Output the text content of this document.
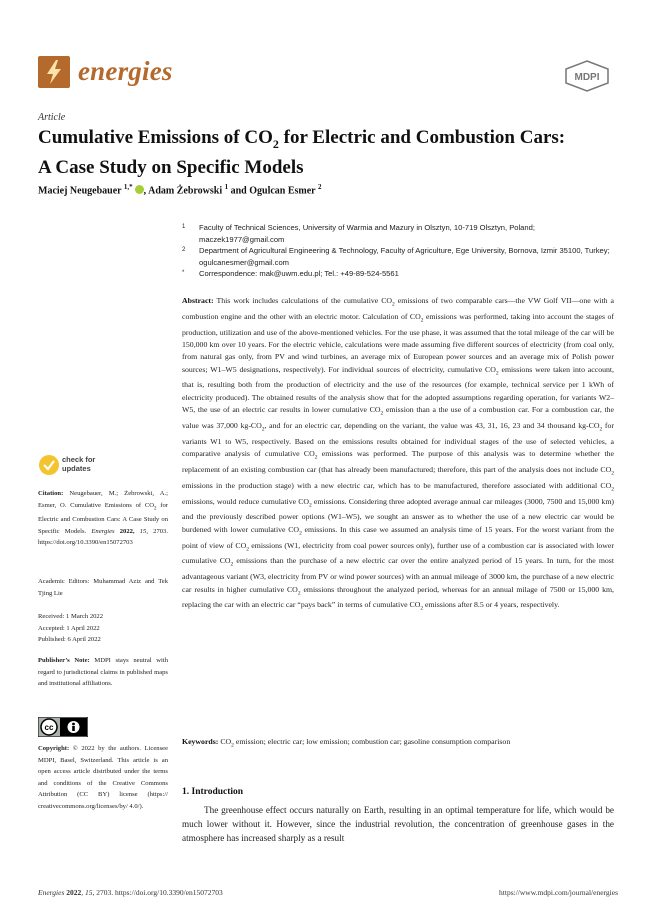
energies	MDPI
Article
Cumulative Emissions of $CO_2$ for Electric and Combustion Cars:
A Case Study on Specific Models
Maciej Neugebauer $^{1,*}$ , Adam Żebrowski $^1$ and Ogulcan Esmer $^2$
1 Faculty of Technical Sciences, University of Warmia and Mazury in Olsztyn, 10-719 Olsztyn, Poland; maczek1977@gmail.com
2 Department of Agricultural Engineering & Technology, Faculty of Agriculture, Ege University, Bornova, Izmir 35100, Turkey; ogulcanesmer@gmail.com
* Correspondence: mak@uwm.edu.pl; Tel.: +49-89-524-5561
Abstract: This work includes calculations of the cumulative $CO_2$ emissions of two comparable cars—the VW Golf VII—one with a combustion engine and the other with an electric motor. Calculation of $CO_2$ emissions was performed, taking into account the stages of production, utilization and use of the above-mentioned vehicles. For the use phase, it was assumed that the total mileage of the car will be 150,000 km over 10 years. For the electric vehicle, calculations were made assuming five different sources of electricity (from coal only, from natural gas only, from PV and wind turbines, an average mix of European power sources and an average mix of Polish power sources; W1–W5 designations, respectively). For individual sources of electricity, cumulative $CO_2$ emissions were taken into account, that is, resulting both from the production of electricity and the use of the resources (for example, technical service per 1 kWh of electricity produced). The obtained results of the analysis show that for the adopted assumptions regarding operation, for variants W2–W5, the use of an electric car results in lower cumulative $CO_2$ emission than a the use of a combustion car. For a combustion car, the value was 37,000 $kg-CO_2$, and for an electric car, depending on the variant, the value was 43, 31, 16, 23 and 34 thousand $kg-CO_2$ for variants W1 to W5, respectively. Based on the emissions results obtained for individual stages of the use of selected vehicles, a comparative analysis of cumulative $CO_2$ emissions was performed. The purpose of this analysis was to determine whether the replacement of an existing combustion car (that has already been manufactured; therefore, this part of the analysis does not include $CO_2$ emissions in the production stage) with a new electric car, which has to be manufactured, therefore associated with additional $CO_2$ emissions, would reduce cumulative $CO_2$ emissions. Considering three adopted average annual car mileages (3000, 7500 and 15,000 km) and the previously described power options (W1–W5), we sought an answer as to whether the use of a new electric car would be burdened with lower cumulative $CO_2$ emissions. In this case we assumed an analysis time of 15 years. For the worst variant from the point of view of $CO_2$ emissions (W1, electricity from coal power sources only), further use of a combustion car is associated with lower cumulative $CO_2$ emissions than the purchase of a new electric car over the entire analyzed period of 15 years. In turn, for the most advantageous variant (W3, electricity from PV or wind power sources) with an annual mileage of 3000 km, the purchase of a new electric car results in higher cumulative $CO_2$ emissions throughout the analyzed period, whereas for an annual milage of 7500 or 15,000 km, replacing the car with an electric car “pays back” in terms of cumulative $CO_2$ emissions after 8.5 or 4 years, respectively.
Keywords: $CO_2$ emission; electric car; low emission; combustion car; gasoline consumption comparison
check for
updates
Citation: Neugebauer, M.; Żebrowski, A.; Esmer, O. Cumulative Emissions of $CO_2$ for Electric and Combustion Cars: A Case Study on Specific Models. Energies 2022, 15, 2703. https://doi.org/10.3390/en15072703
Academic Editors: Muhammad Aziz and Tek Tjing Lie
Received: 1 March 2022
Accepted: 1 April 2022
Published: 6 April 2022
Publisher’s Note: MDPI stays neutral with regard to jurisdictional claims in published maps and institutional affiliations.
cc
Copyright: © 2022 by the authors. Licensee MDPI, Basel, Switzerland. This article is an open access article distributed under the terms and conditions of the Creative Commons Attribution (CC BY) license (https:// creativecommons.org/licenses/by/ 4.0/).
1. Introduction
The greenhouse effect occurs naturally on Earth, resulting in an optimal temperature for life, which would be much lower without it. However, since the industrial revolution, the concentration of greenhouse gases in the atmosphere has increased sharply as a result
Energies 2022, 15, 2703. https://doi.org/10.3390/en15072703	https://www.mdpi.com/journal/energies
